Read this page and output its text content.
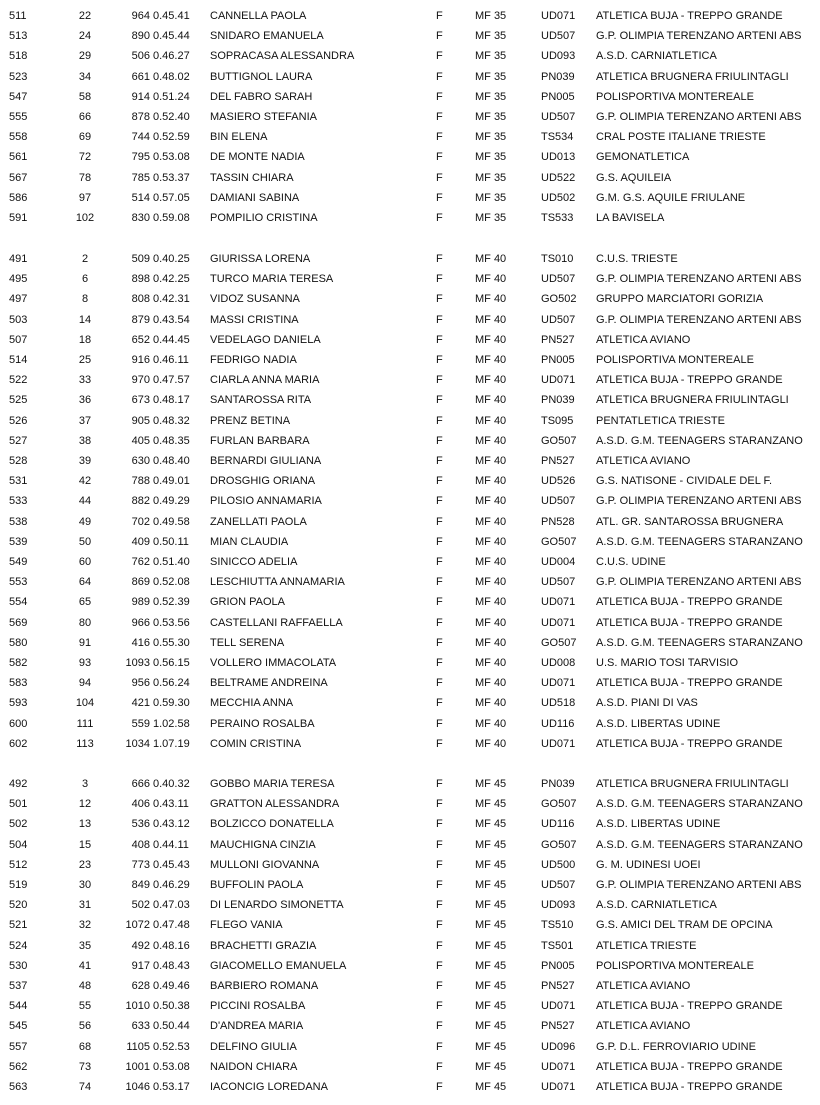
511	22	964 0.45.41 CANNELLA PAOLA	F	MF 35	UD071 ATLETICA BUJA - TREPPO GRANDE
513	24	890 0.45.44 SNIDARO EMANUELA	F	MF 35	UD507 G.P. OLIMPIA TERENZANO ARTENI ABS
518	29	506 0.46.27 SOPRACASA ALESSANDRA	F	MF 35	UD093 A.S.D. CARNIATLETICA
523	34	661 0.48.02 BUTTIGNOL LAURA	F	MF 35	PN039 ATLETICA BRUGNERA FRIULINTAGLI
547	58	914 0.51.24 DEL FABRO SARAH	F	MF 35	PN005 POLISPORTIVA MONTEREALE
555	66	878 0.52.40 MASIERO STEFANIA	F	MF 35	UD507 G.P. OLIMPIA TERENZANO ARTENI ABS
558	69	744 0.52.59 BIN ELENA	F	MF 35	TS534 CRAL POSTE ITALIANE TRIESTE
561	72	795 0.53.08 DE MONTE NADIA	F	MF 35	UD013 GEMONATLETICA
567	78	785 0.53.37 TASSIN CHIARA	F	MF 35	UD522 G.S. AQUILEIA
586	97	514 0.57.05 DAMIANI SABINA	F	MF 35	UD502 G.M. G.S. AQUILE FRIULANE
591	102	830 0.59.08 POMPILIO CRISTINA	F	MF 35	TS533 LA BAVISELA
491	2	509 0.40.25 GIURISSA LORENA	F	MF 40	TS010 C.U.S. TRIESTE
495	6	898 0.42.25 TURCO MARIA TERESA	F	MF 40	UD507 G.P. OLIMPIA TERENZANO ARTENI ABS
497	8	808 0.42.31 VIDOZ SUSANNA	F	MF 40	GO502 GRUPPO MARCIATORI GORIZIA
503	14	879 0.43.54 MASSI CRISTINA	F	MF 40	UD507 G.P. OLIMPIA TERENZANO ARTENI ABS
507	18	652 0.44.45 VEDELAGO DANIELA	F	MF 40	PN527 ATLETICA AVIANO
514	25	916 0.46.11 FEDRIGO NADIA	F	MF 40	PN005 POLISPORTIVA MONTEREALE
522	33	970 0.47.57 CIARLA ANNA MARIA	F	MF 40	UD071 ATLETICA BUJA - TREPPO GRANDE
525	36	673 0.48.17 SANTAROSSA RITA	F	MF 40	PN039 ATLETICA BRUGNERA FRIULINTAGLI
526	37	905 0.48.32 PRENZ BETINA	F	MF 40	TS095 PENTATLETICA TRIESTE
527	38	405 0.48.35 FURLAN BARBARA	F	MF 40	GO507 A.S.D. G.M. TEENAGERS STARANZANO
528	39	630 0.48.40 BERNARDI GIULIANA	F	MF 40	PN527 ATLETICA AVIANO
531	42	788 0.49.01 DROSGHIG ORIANA	F	MF 40	UD526 G.S. NATISONE - CIVIDALE DEL F.
533	44	882 0.49.29 PILOSIO ANNAMARIA	F	MF 40	UD507 G.P. OLIMPIA TERENZANO ARTENI ABS
538	49	702 0.49.58 ZANELLATI PAOLA	F	MF 40	PN528 ATL. GR. SANTAROSSA BRUGNERA
539	50	409 0.50.11 MIAN CLAUDIA	F	MF 40	GO507 A.S.D. G.M. TEENAGERS STARANZANO
549	60	762 0.51.40 SINICCO ADELIA	F	MF 40	UD004 C.U.S. UDINE
553	64	869 0.52.08 LESCHIUTTA ANNAMARIA	F	MF 40	UD507 G.P. OLIMPIA TERENZANO ARTENI ABS
554	65	989 0.52.39 GRION PAOLA	F	MF 40	UD071 ATLETICA BUJA - TREPPO GRANDE
569	80	966 0.53.56 CASTELLANI RAFFAELLA	F	MF 40	UD071 ATLETICA BUJA - TREPPO GRANDE
580	91	416 0.55.30 TELL SERENA	F	MF 40	GO507 A.S.D. G.M. TEENAGERS STARANZANO
582	93	1093 0.56.15 VOLLERO IMMACOLATA	F	MF 40	UD008 U.S. MARIO TOSI TARVISIO
583	94	956 0.56.24 BELTRAME ANDREINA	F	MF 40	UD071 ATLETICA BUJA - TREPPO GRANDE
593	104	421 0.59.30 MECCHIA ANNA	F	MF 40	UD518 A.S.D. PIANI DI VAS
600	111	559 1.02.58 PERAINO ROSALBA	F	MF 40	UD116 A.S.D. LIBERTAS UDINE
602	113	1034 1.07.19 COMIN CRISTINA	F	MF 40	UD071 ATLETICA BUJA - TREPPO GRANDE
492	3	666 0.40.32 GOBBO MARIA TERESA	F	MF 45	PN039 ATLETICA BRUGNERA FRIULINTAGLI
501	12	406 0.43.11 GRATTON ALESSANDRA	F	MF 45	GO507 A.S.D. G.M. TEENAGERS STARANZANO
502	13	536 0.43.12 BOLZICCO DONATELLA	F	MF 45	UD116 A.S.D. LIBERTAS UDINE
504	15	408 0.44.11 MAUCHIGNA CINZIA	F	MF 45	GO507 A.S.D. G.M. TEENAGERS STARANZANO
512	23	773 0.45.43 MULLONI GIOVANNA	F	MF 45	UD500 G. M. UDINESI UOEI
519	30	849 0.46.29 BUFFOLIN PAOLA	F	MF 45	UD507 G.P. OLIMPIA TERENZANO ARTENI ABS
520	31	502 0.47.03 DI LENARDO SIMONETTA	F	MF 45	UD093 A.S.D. CARNIATLETICA
521	32	1072 0.47.48 FLEGO VANIA	F	MF 45	TS510 G.S. AMICI DEL TRAM DE OPCINA
524	35	492 0.48.16 BRACHETTI GRAZIA	F	MF 45	TS501 ATLETICA TRIESTE
530	41	917 0.48.43 GIACOMELLO EMANUELA	F	MF 45	PN005 POLISPORTIVA MONTEREALE
537	48	628 0.49.46 BARBIERO ROMANA	F	MF 45	PN527 ATLETICA AVIANO
544	55	1010 0.50.38 PICCINI ROSALBA	F	MF 45	UD071 ATLETICA BUJA - TREPPO GRANDE
545	56	633 0.50.44 D'ANDREA MARIA	F	MF 45	PN527 ATLETICA AVIANO
557	68	1105 0.52.53 DELFINO GIULIA	F	MF 45	UD096 G.P. D.L. FERROVIARIO UDINE
562	73	1001 0.53.08 NAIDON CHIARA	F	MF 45	UD071 ATLETICA BUJA - TREPPO GRANDE
563	74	1046 0.53.17 IACONCIG LOREDANA	F	MF 45	UD071 ATLETICA BUJA - TREPPO GRANDE
